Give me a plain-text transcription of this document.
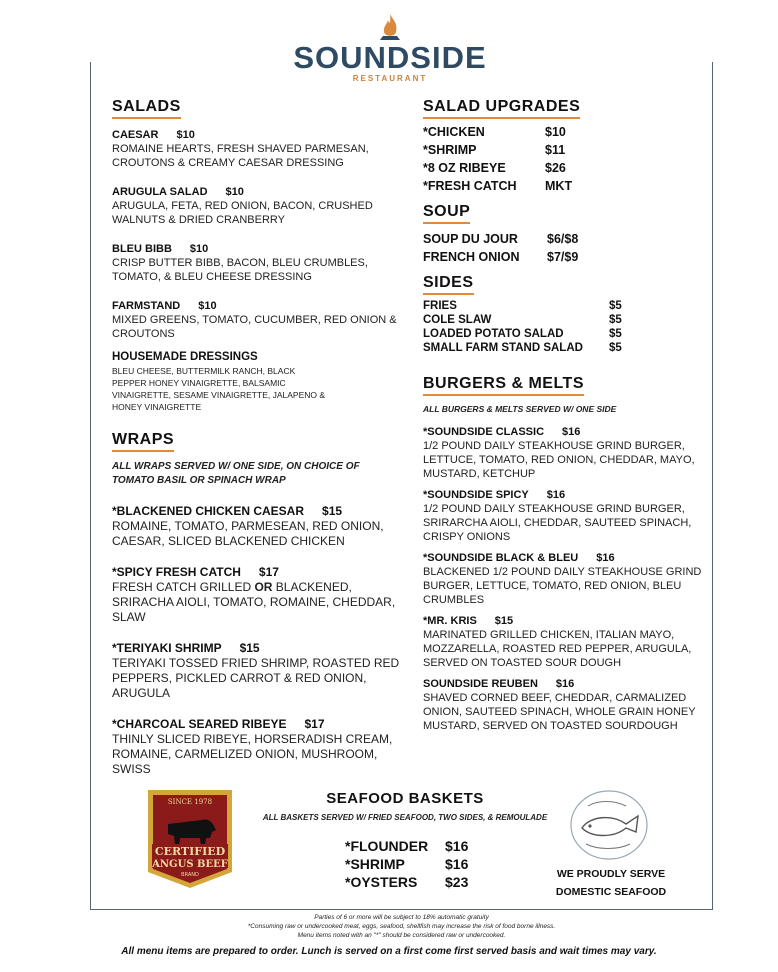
SOUNDSIDE
RESTAURANT
SALADS
CAESAR $10
ROMAINE HEARTS, FRESH SHAVED PARMESAN, CROUTONS & CREAMY CAESAR DRESSING
ARUGULA SALAD $10
ARUGULA, FETA, RED ONION, BACON, CRUSHED WALNUTS & DRIED CRANBERRY
BLEU BIBB $10
CRISP BUTTER BIBB, BACON, BLEU CRUMBLES, TOMATO, & BLEU CHEESE DRESSING
FARMSTAND $10
MIXED GREENS, TOMATO, CUCUMBER, RED ONION & CROUTONS
HOUSEMADE DRESSINGS
BLEU CHEESE, BUTTERMILK RANCH, BLACK PEPPER HONEY VINAIGRETTE, BALSAMIC VINAIGRETTE, SESAME VINAIGRETTE, JALAPENO & HONEY VINAIGRETTE
WRAPS
ALL WRAPS SERVED W/ ONE SIDE, ON CHOICE OF TOMATO BASIL OR SPINACH WRAP
*BLACKENED CHICKEN CAESAR $15
ROMAINE, TOMATO, PARMESEAN, RED ONION, CAESAR, SLICED BLACKENED CHICKEN
*SPICY FRESH CATCH $17
FRESH CATCH GRILLED OR BLACKENED, SRIRACHA AIOLI, TOMATO, ROMAINE, CHEDDAR, SLAW
*TERIYAKI SHRIMP $15
TERIYAKI TOSSED FRIED SHRIMP, ROASTED RED PEPPERS, PICKLED CARROT & RED ONION, ARUGULA
*CHARCOAL SEARED RIBEYE $17
THINLY SLICED RIBEYE, HORSERADISH CREAM, ROMAINE, CARMELIZED ONION, MUSHROOM, SWISS
SALAD UPGRADES
*CHICKEN	$10
*SHRIMP	$11
*8 OZ RIBEYE	$26
*FRESH CATCH	MKT
SOUP
SOUP DU JOUR	$6/$8
FRENCH ONION	$7/$9
SIDES
FRIES	$5
COLE SLAW	$5
LOADED POTATO SALAD	$5
SMALL FARM STAND SALAD	$5
BURGERS & MELTS
ALL BURGERS & MELTS SERVED W/ ONE SIDE
*SOUNDSIDE CLASSIC $16
1/2 POUND DAILY STEAKHOUSE GRIND BURGER, LETTUCE, TOMATO, RED ONION, CHEDDAR, MAYO, MUSTARD, KETCHUP
*SOUNDSIDE SPICY $16
1/2 POUND DAILY STEAKHOUSE GRIND BURGER, SRIRARCHA AIOLI, CHEDDAR, SAUTEED SPINACH, CRISPY ONIONS
*SOUNDSIDE BLACK & BLEU $16
BLACKENED 1/2 POUND DAILY STEAKHOUSE GRIND BURGER, LETTUCE, TOMATO, RED ONION, BLEU CRUMBLES
*MR. KRIS $15
MARINATED GRILLED CHICKEN, ITALIAN MAYO, MOZZARELLA, ROASTED RED PEPPER, ARUGULA, SERVED ON TOASTED SOUR DOUGH
SOUNDSIDE REUBEN $16
SHAVED CORNED BEEF, CHEDDAR, CARMALIZED ONION, SAUTEED SPINACH, WHOLE GRAIN HONEY MUSTARD, SERVED ON TOASTED SOURDOUGH
SINCE 1978
CERTIFIED
ANGUS BEEF
BRAND
SEAFOOD BASKETS
ALL BASKETS SERVED W/ FRIED SEAFOOD, TWO SIDES, & REMOULADE
*FLOUNDER	$16
*SHRIMP	$16
*OYSTERS	$23	WE PROUDLY SERVE
DOMESTIC SEAFOOD
Parties of 6 or more will be subject to 18% automatic gratuity
*Consuming raw or undercooked meat, eggs, seafood, shellfish may increase the risk of food borne illness.
Menu items noted with an "*" should be considered raw or undercooked.
All menu items are prepared to order. Lunch is served on a first come first served basis and wait times may vary.
